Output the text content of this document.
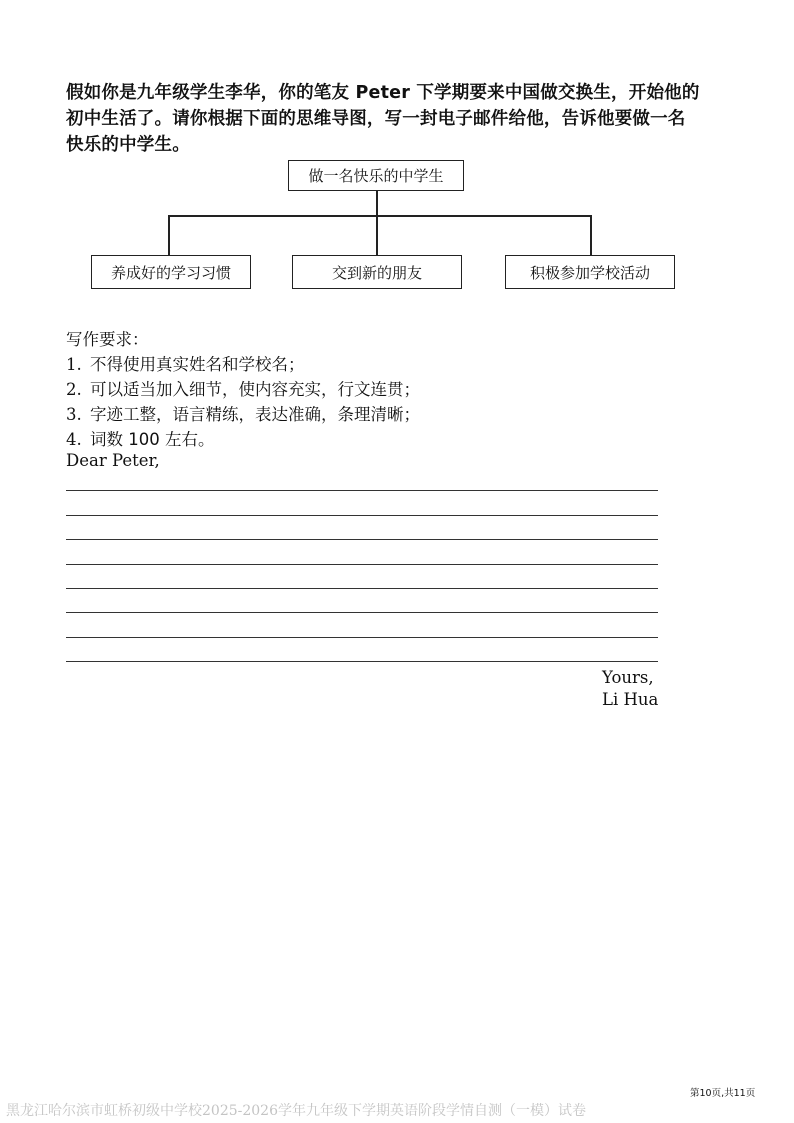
假如你是九年级学生李华，你的笔友 Peter 下学期要来中国做交换生，开始他的
初中生活了。请你根据下面的思维导图，写一封电子邮件给他，告诉他要做一名
快乐的中学生。
做一名快乐的中学生
养成好的学习习惯	交到新的朋友	积极参加学校活动
写作要求：
1. 不得使用真实姓名和学校名；
2. 可以适当加入细节，使内容充实，行文连贯；
3. 字迹工整，语言精练，表达准确，条理清晰；
4. 词数 100 左右。
Dear Peter,
Yours,
Li Hua
第10页,共11页
黑龙江哈尔滨市虹桥初级中学校2025-2026学年九年级下学期英语阶段学情自测（一模）试卷
